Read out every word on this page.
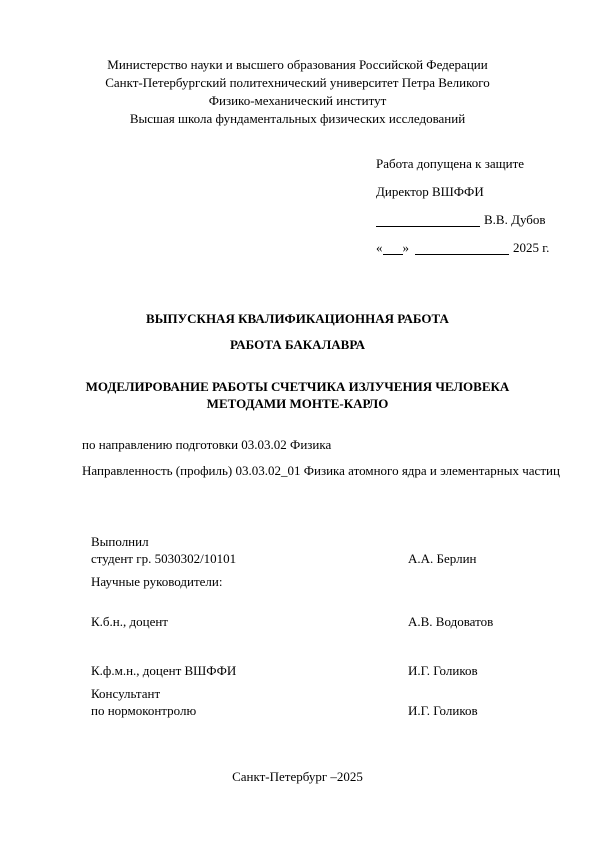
Министерство науки и высшего образования Российской Федерации
Санкт-Петербургский политехнический университет Петра Великого
Физико-механический институт
Высшая школа фундаментальных физических исследований
Работа допущена к защите
Директор ВШФФИ
В.В. Дубов
« »	2025 г.
ВЫПУСКНАЯ КВАЛИФИКАЦИОННАЯ РАБОТА
РАБОТА БАКАЛАВРА
МОДЕЛИРОВАНИЕ РАБОТЫ СЧЕТЧИКА ИЗЛУЧЕНИЯ ЧЕЛОВЕКА
МЕТОДАМИ МОНТЕ-КАРЛО
по направлению подготовки 03.03.02 Физика
Направленность (профиль) 03.03.02_01 Физика атомного ядра и элементарных частиц
Выполнил
студент гр. 5030302/10101	А.А. Берлин
Научные руководители:
К.б.н., доцент	А.В. Водоватов
К.ф.м.н., доцент ВШФФИ	И.Г. Голиков
Консультант
по нормоконтролю	И.Г. Голиков
Санкт-Петербург –2025
